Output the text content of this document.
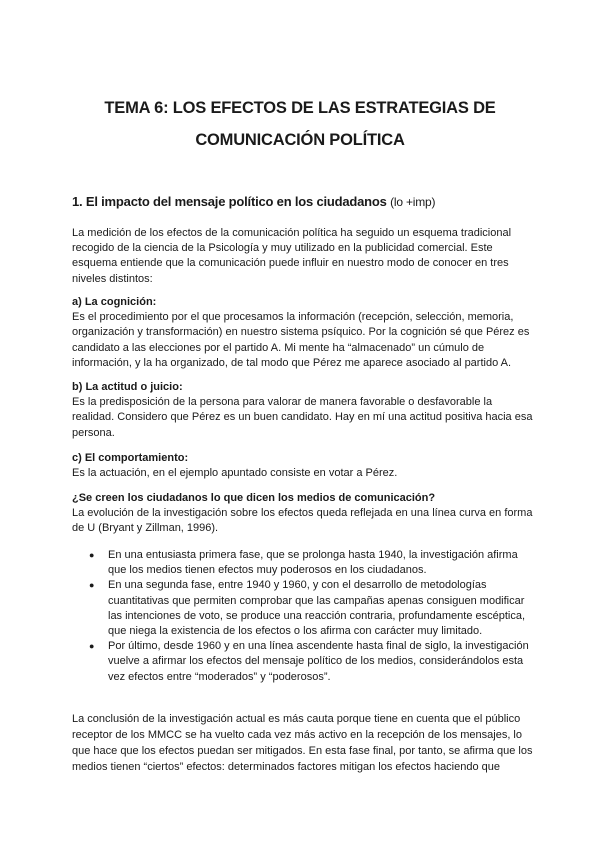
TEMA 6: LOS EFECTOS DE LAS ESTRATEGIAS DE
COMUNICACIÓN POLÍTICA
1. El impacto del mensaje político en los ciudadanos (lo +imp)
La medición de los efectos de la comunicación política ha seguido un esquema tradicional recogido de la ciencia de la Psicología y muy utilizado en la publicidad comercial. Este esquema entiende que la comunicación puede influir en nuestro modo de conocer en tres niveles distintos:
a) La cognición:
Es el procedimiento por el que procesamos la información (recepción, selección, memoria, organización y transformación) en nuestro sistema psíquico. Por la cognición sé que Pérez es candidato a las elecciones por el partido A. Mi mente ha “almacenado” un cúmulo de información, y la ha organizado, de tal modo que Pérez me aparece asociado al partido A.
b) La actitud o juicio:
Es la predisposición de la persona para valorar de manera favorable o desfavorable la realidad. Considero que Pérez es un buen candidato. Hay en mí una actitud positiva hacia esa persona.
c) El comportamiento:
Es la actuación, en el ejemplo apuntado consiste en votar a Pérez.
¿Se creen los ciudadanos lo que dicen los medios de comunicación?
La evolución de la investigación sobre los efectos queda reflejada en una línea curva en forma de U (Bryant y Zillman, 1996).
● En una entusiasta primera fase, que se prolonga hasta 1940, la investigación afirma que los medios tienen efectos muy poderosos en los ciudadanos.
● En una segunda fase, entre 1940 y 1960, y con el desarrollo de metodologías cuantitativas que permiten comprobar que las campañas apenas consiguen modificar las intenciones de voto, se produce una reacción contraria, profundamente escéptica, que niega la existencia de los efectos o los afirma con carácter muy limitado.
● Por último, desde 1960 y en una línea ascendente hasta final de siglo, la investigación vuelve a afirmar los efectos del mensaje político de los medios, considerándolos esta vez efectos entre “moderados” y “poderosos”.
La conclusión de la investigación actual es más cauta porque tiene en cuenta que el público receptor de los MMCC se ha vuelto cada vez más activo en la recepción de los mensajes, lo que hace que los efectos puedan ser mitigados. En esta fase final, por tanto, se afirma que los medios tienen “ciertos” efectos: determinados factores mitigan los efectos haciendo que
